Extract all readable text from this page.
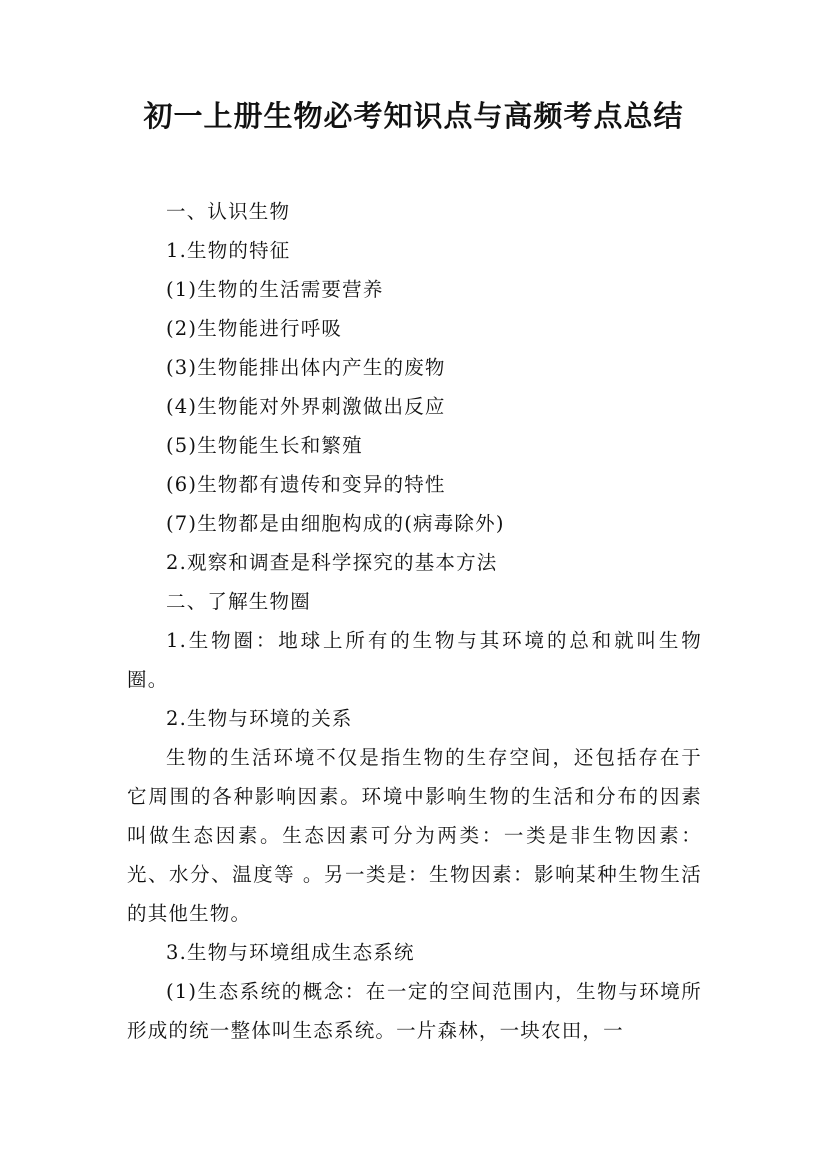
初一上册生物必考知识点与高频考点总结

一、认识生物

1.生物的特征

(1)生物的生活需要营养

(2)生物能进行呼吸

(3)生物能排出体内产生的废物

(4)生物能对外界刺激做出反应

(5)生物能生长和繁殖

(6)生物都有遗传和变异的特性

(7)生物都是由细胞构成的(病毒除外)

2.观察和调查是科学探究的基本方法

二、了解生物圈

1.生物圈：地球上所有的生物与其环境的总和就叫生物圈。

2.生物与环境的关系

生物的生活环境不仅是指生物的生存空间，还包括存在于它周围的各种影响因素。环境中影响生物的生活和分布的因素叫做生态因素。生态因素可分为两类：一类是非生物因素：光、水分、温度等 。另一类是：生物因素：影响某种生物生活的其他生物。

3.生物与环境组成生态系统

(1)生态系统的概念：在一定的空间范围内，生物与环境所形成的统一整体叫生态系统。一片森林，一块农田，一
